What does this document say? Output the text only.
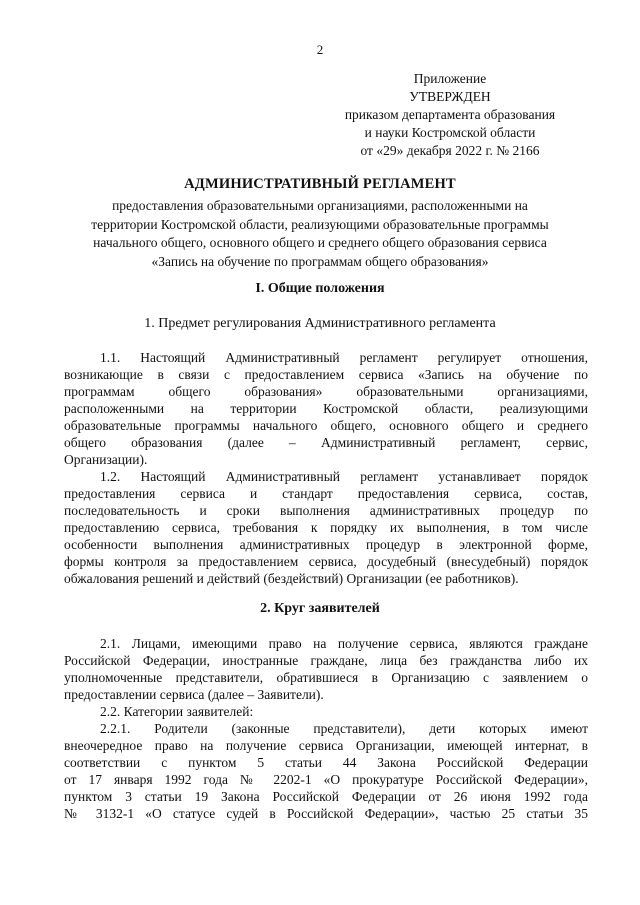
2
Приложение
УТВЕРЖДЕН
приказом департамента образования
и науки Костромской области
от «29» декабря 2022 г. № 2166
АДМИНИСТРАТИВНЫЙ РЕГЛАМЕНТ
предоставления образовательными организациями, расположенными на
территории Костромской области, реализующими образовательные программы
начального общего, основного общего и среднего общего образования сервиса
«Запись на обучение по программам общего образования»
I. Общие положения
1. Предмет регулирования Административного регламента
1.1. Настоящий Административный регламент регулирует отношения,
возникающие в связи с предоставлением сервиса «Запись на обучение по
программам общего образования» образовательными организациями,
расположенными на территории Костромской области, реализующими
образовательные программы начального общего, основного общего и среднего
общего образования (далее – Административный регламент, сервис,
Организации).
1.2. Настоящий Административный регламент устанавливает порядок
предоставления сервиса и стандарт предоставления сервиса, состав,
последовательность и сроки выполнения административных процедур по
предоставлению сервиса, требования к порядку их выполнения, в том числе
особенности выполнения административных процедур в электронной форме,
формы контроля за предоставлением сервиса, досудебный (внесудебный) порядок
обжалования решений и действий (бездействий) Организации (ее работников).
2. Круг заявителей
2.1. Лицами, имеющими право на получение сервиса, являются граждане
Российской Федерации, иностранные граждане, лица без гражданства либо их
уполномоченные представители, обратившиеся в Организацию с заявлением о
предоставлении сервиса (далее – Заявители).
2.2. Категории заявителей:
2.2.1. Родители (законные представители), дети которых имеют
внеочередное право на получение сервиса Организации, имеющей интернат, в
соответствии с пунктом 5 статьи 44 Закона Российской Федерации
от 17 января 1992 года № 2202-1 «О прокуратуре Российской Федерации»,
пунктом 3 статьи 19 Закона Российской Федерации от 26 июня 1992 года
№ 3132-1 «О статусе судей в Российской Федерации», частью 25 статьи 35
